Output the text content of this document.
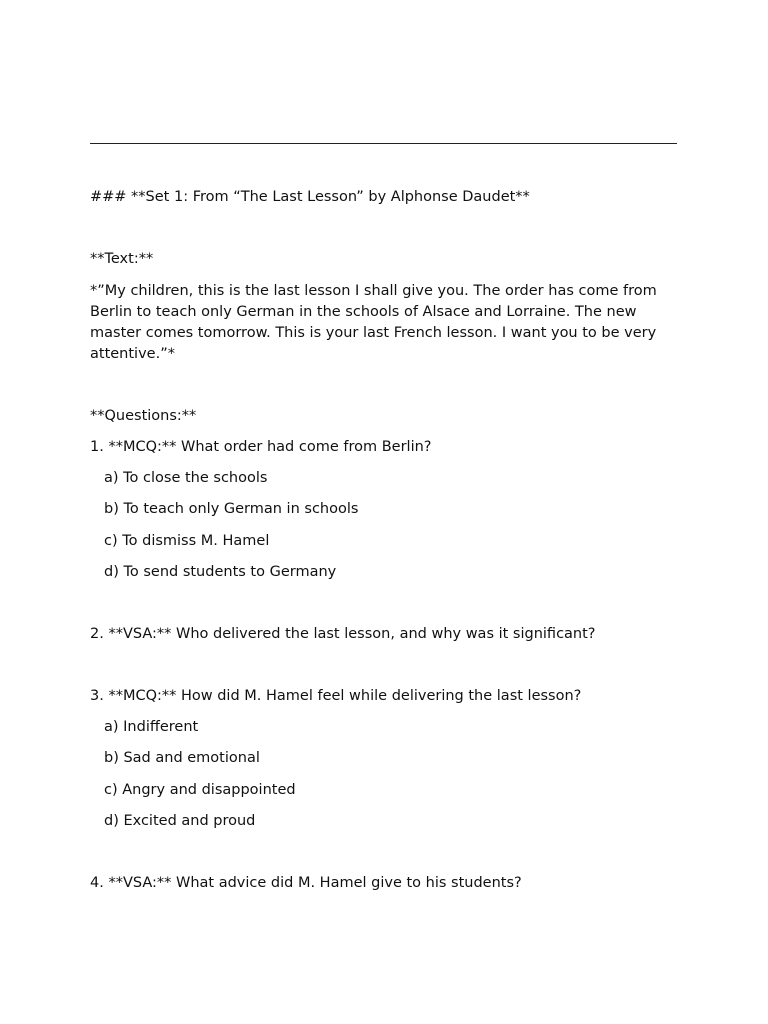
### **Set 1: From “The Last Lesson” by Alphonse Daudet**
**Text:**
*”My children, this is the last lesson I shall give you. The order has come from Berlin to teach only German in the schools of Alsace and Lorraine. The new master comes tomorrow. This is your last French lesson. I want you to be very attentive.”*
**Questions:**
1. **MCQ:** What order had come from Berlin?
a) To close the schools
b) To teach only German in schools
c) To dismiss M. Hamel
d) To send students to Germany
2. **VSA:** Who delivered the last lesson, and why was it significant?
3. **MCQ:** How did M. Hamel feel while delivering the last lesson?
a) Indifferent
b) Sad and emotional
c) Angry and disappointed
d) Excited and proud
4. **VSA:** What advice did M. Hamel give to his students?
